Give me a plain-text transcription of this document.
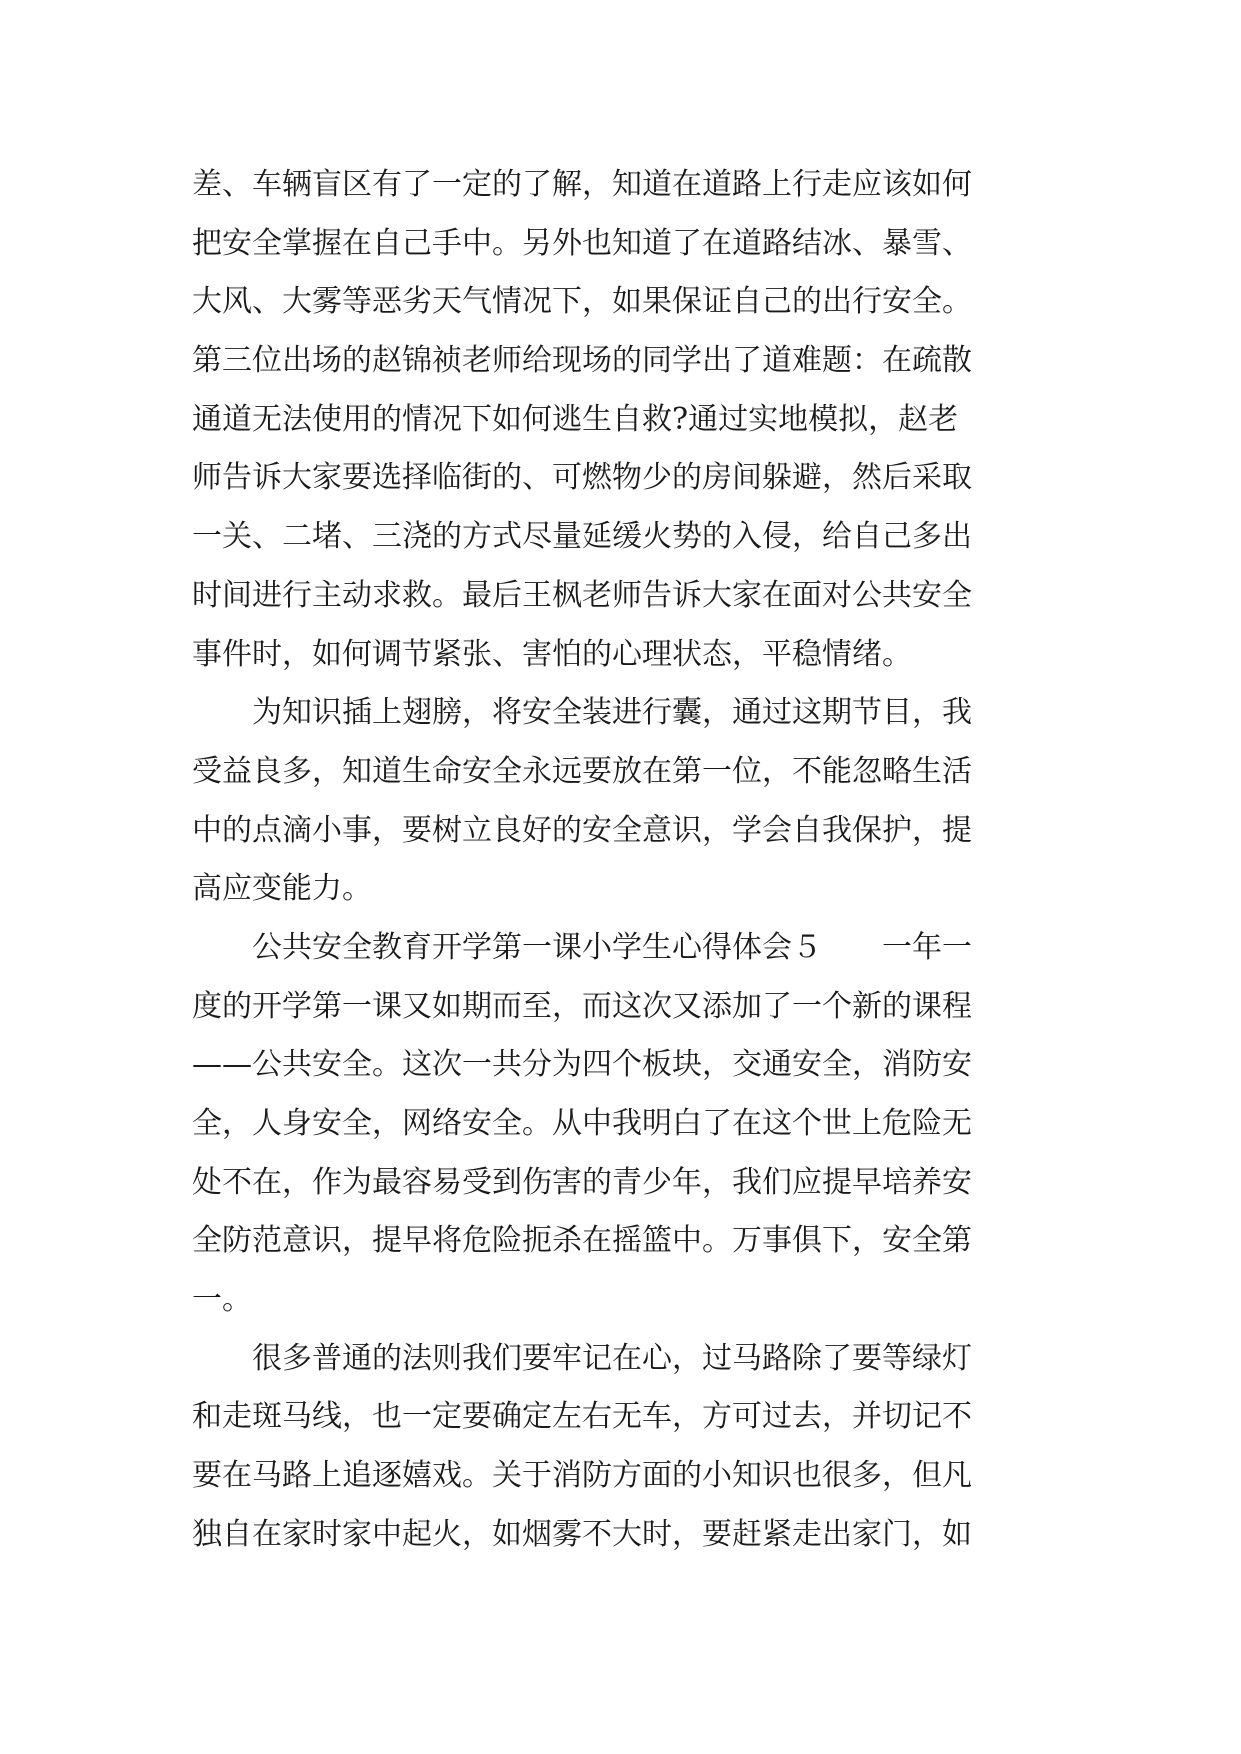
差、车辆盲区有了一定的了解，知道在道路上行走应该如何
把安全掌握在自己手中。另外也知道了在道路结冰、暴雪、
大风、大雾等恶劣天气情况下，如果保证自己的出行安全。
第三位出场的赵锦祯老师给现场的同学出了道难题：在疏散
通道无法使用的情况下如何逃生自救?通过实地模拟，赵老
师告诉大家要选择临街的、可燃物少的房间躲避，然后采取
一关、二堵、三浇的方式尽量延缓火势的入侵，给自己多出
时间进行主动求救。最后王枫老师告诉大家在面对公共安全
事件时，如何调节紧张、害怕的心理状态，平稳情绪。
为知识插上翅膀，将安全装进行囊，通过这期节目，我
受益良多，知道生命安全永远要放在第一位，不能忽略生活
中的点滴小事，要树立良好的安全意识，学会自我保护，提
高应变能力。
公共安全教育开学第一课小学生心得体会５ 一年一
度的开学第一课又如期而至，而这次又添加了一个新的课程
——公共安全。这次一共分为四个板块，交通安全，消防安
全，人身安全，网络安全。从中我明白了在这个世上危险无
处不在，作为最容易受到伤害的青少年，我们应提早培养安
全防范意识，提早将危险扼杀在摇篮中。万事俱下，安全第
一。
很多普通的法则我们要牢记在心，过马路除了要等绿灯
和走斑马线，也一定要确定左右无车，方可过去，并切记不
要在马路上追逐嬉戏。关于消防方面的小知识也很多，但凡
独自在家时家中起火，如烟雾不大时，要赶紧走出家门，如
